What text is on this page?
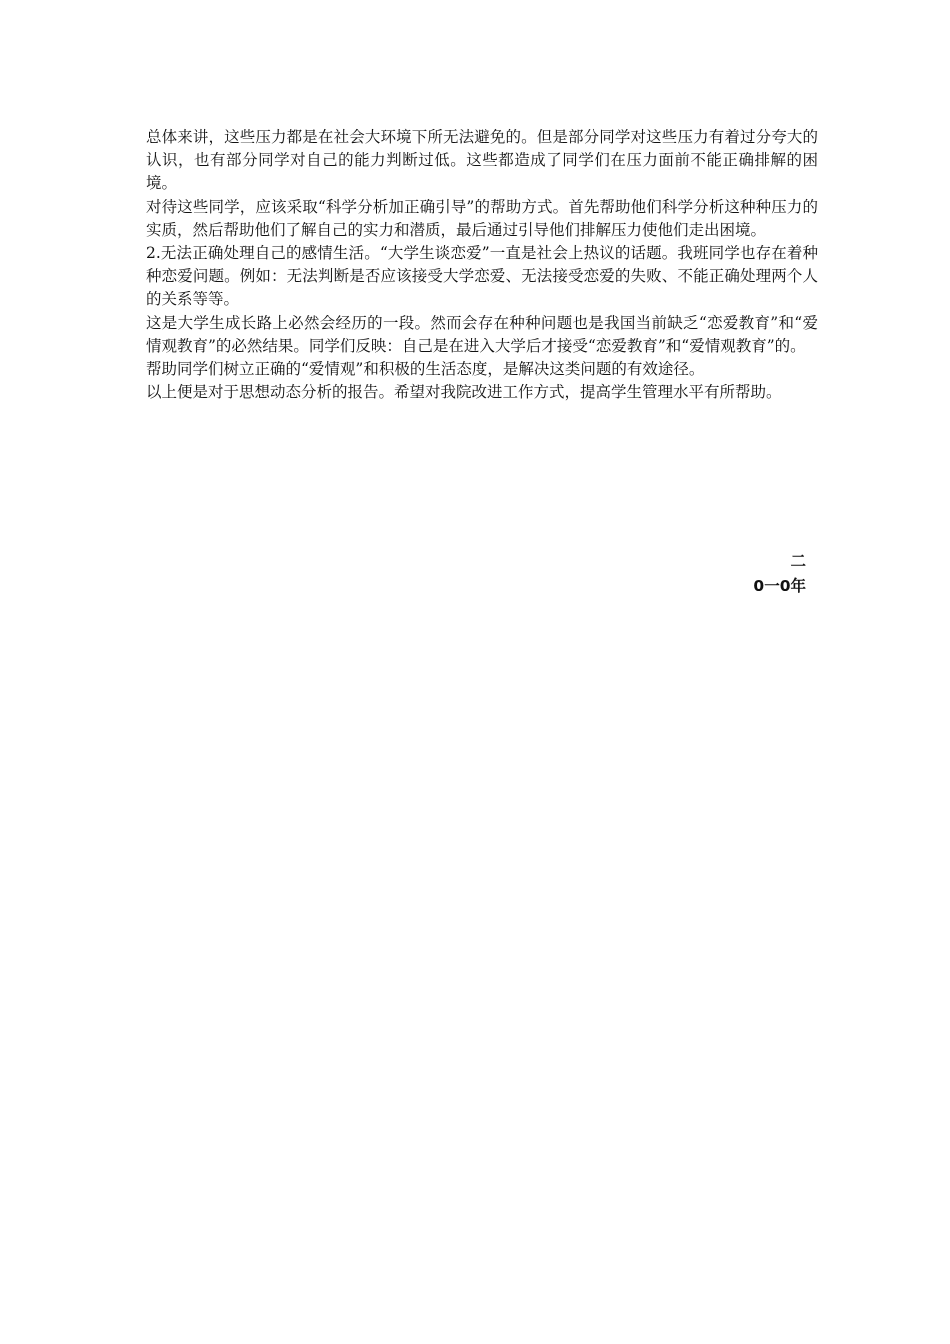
总体来讲，这些压力都是在社会大环境下所无法避免的。但是部分同学对这些压力有着过分夸大的认识，也有部分同学对自己的能力判断过低。这些都造成了同学们在压力面前不能正确排解的困境。

对待这些同学，应该采取“科学分析加正确引导”的帮助方式。首先帮助他们科学分析这种种压力的实质，然后帮助他们了解自己的实力和潜质，最后通过引导他们排解压力使他们走出困境。

2.无法正确处理自己的感情生活。“大学生谈恋爱”一直是社会上热议的话题。我班同学也存在着种种恋爱问题。例如：无法判断是否应该接受大学恋爱、无法接受恋爱的失败、不能正确处理两个人的关系等等。

这是大学生成长路上必然会经历的一段。然而会存在种种问题也是我国当前缺乏“恋爱教育”和“爱情观教育”的必然结果。同学们反映：自己是在进入大学后才接受“恋爱教育”和“爱情观教育”的。

帮助同学们树立正确的“爱情观”和积极的生活态度，是解决这类问题的有效途径。

以上便是对于思想动态分析的报告。希望对我院改进工作方式，提高学生管理水平有所帮助。

二
0一0年
